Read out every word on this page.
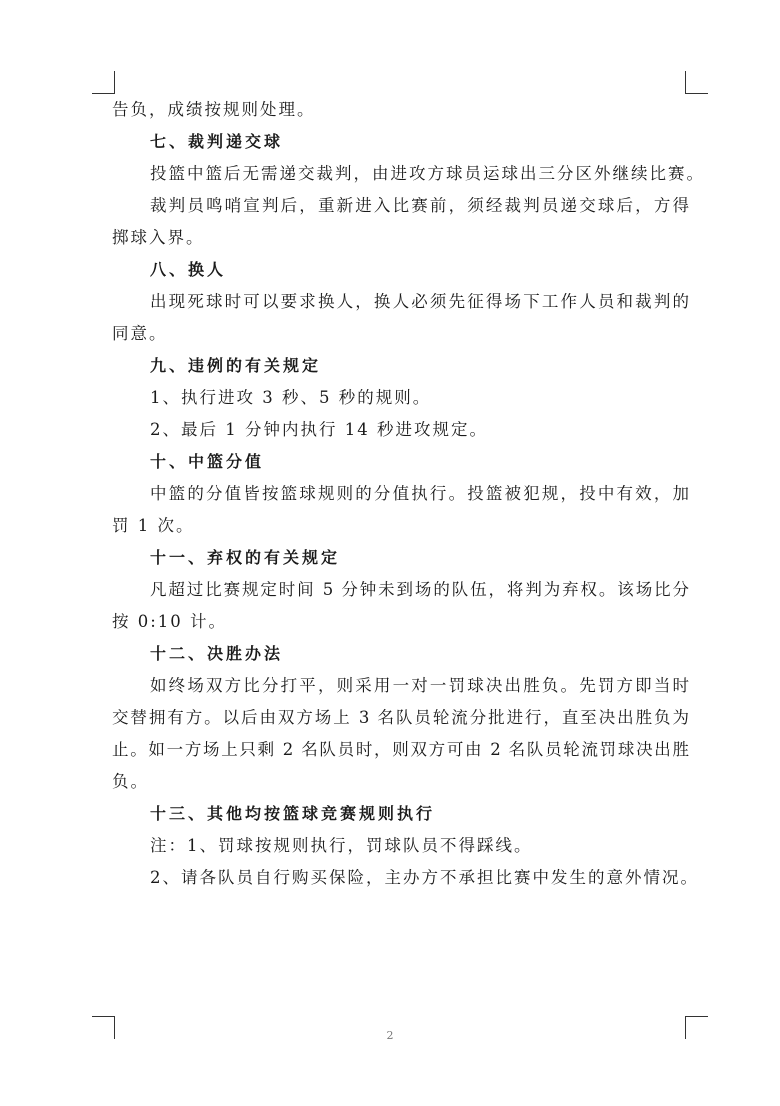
告负，成绩按规则处理。
七、裁判递交球
投篮中篮后无需递交裁判，由进攻方球员运球出三分区外继续比赛。
裁判员鸣哨宣判后，重新进入比赛前，须经裁判员递交球后，方得
掷球入界。
八、换人
出现死球时可以要求换人，换人必须先征得场下工作人员和裁判的
同意。
九、违例的有关规定
1、执行进攻 3 秒、5 秒的规则。
2、最后 1 分钟内执行 14 秒进攻规定。
十、中篮分值
中篮的分值皆按篮球规则的分值执行。投篮被犯规，投中有效，加
罚 1 次。
十一、弃权的有关规定
凡超过比赛规定时间 5 分钟未到场的队伍，将判为弃权。该场比分
按 0:10 计。
十二、决胜办法
如终场双方比分打平，则采用一对一罚球决出胜负。先罚方即当时
交替拥有方。以后由双方场上 3 名队员轮流分批进行，直至决出胜负为
止。如一方场上只剩 2 名队员时，则双方可由 2 名队员轮流罚球决出胜
负。
十三、其他均按篮球竞赛规则执行
注：1、罚球按规则执行，罚球队员不得踩线。
2、请各队员自行购买保险，主办方不承担比赛中发生的意外情况。
2
